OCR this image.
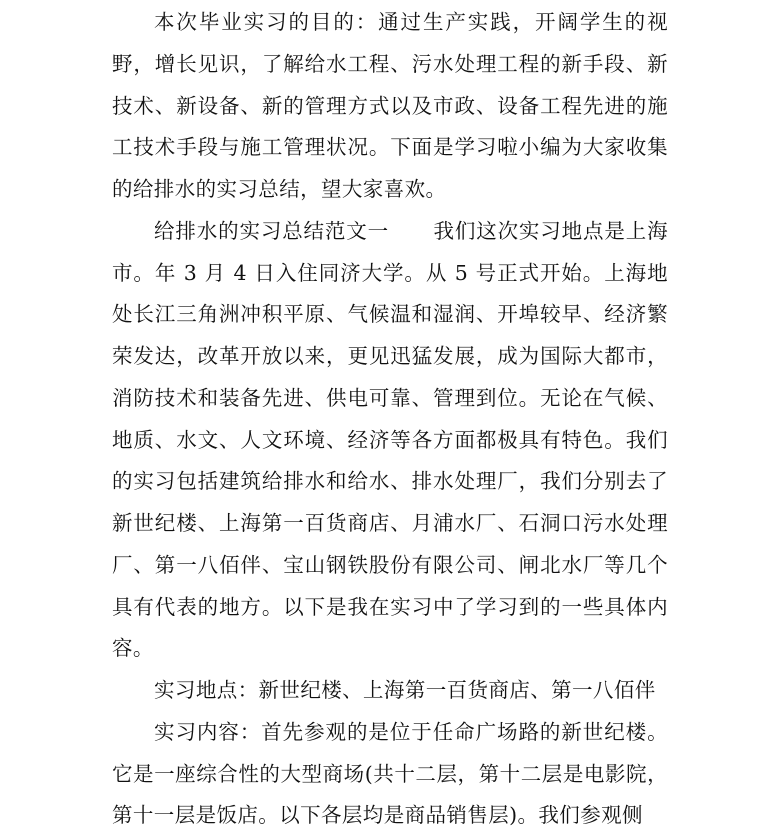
本次毕业实习的目的：通过生产实践，开阔学生的视野，增长见识，了解给水工程、污水处理工程的新手段、新技术、新设备、新的管理方式以及市政、设备工程先进的施工技术手段与施工管理状况。下面是学习啦小编为大家收集的给排水的实习总结，望大家喜欢。

给排水的实习总结范文一 我们这次实习地点是上海市。年 3 月 4 日入住同济大学。从 5 号正式开始。上海地处长江三角洲冲积平原、气候温和湿润、开埠较早、经济繁荣发达，改革开放以来，更见迅猛发展，成为国际大都市，消防技术和装备先进、供电可靠、管理到位。无论在气候、地质、水文、人文环境、经济等各方面都极具有特色。我们的实习包括建筑给排水和给水、排水处理厂，我们分别去了新世纪楼、上海第一百货商店、月浦水厂、石洞口污水处理厂、第一八佰伴、宝山钢铁股份有限公司、闸北水厂等几个具有代表的地方。以下是我在实习中了学习到的一些具体内容。

实习地点：新世纪楼、上海第一百货商店、第一八佰伴

实习内容：首先参观的是位于任命广场路的新世纪楼。它是一座综合性的大型商场(共十二层，第十二层是电影院，第十一层是饭店。以下各层均是商品销售层)。我们参观侧
